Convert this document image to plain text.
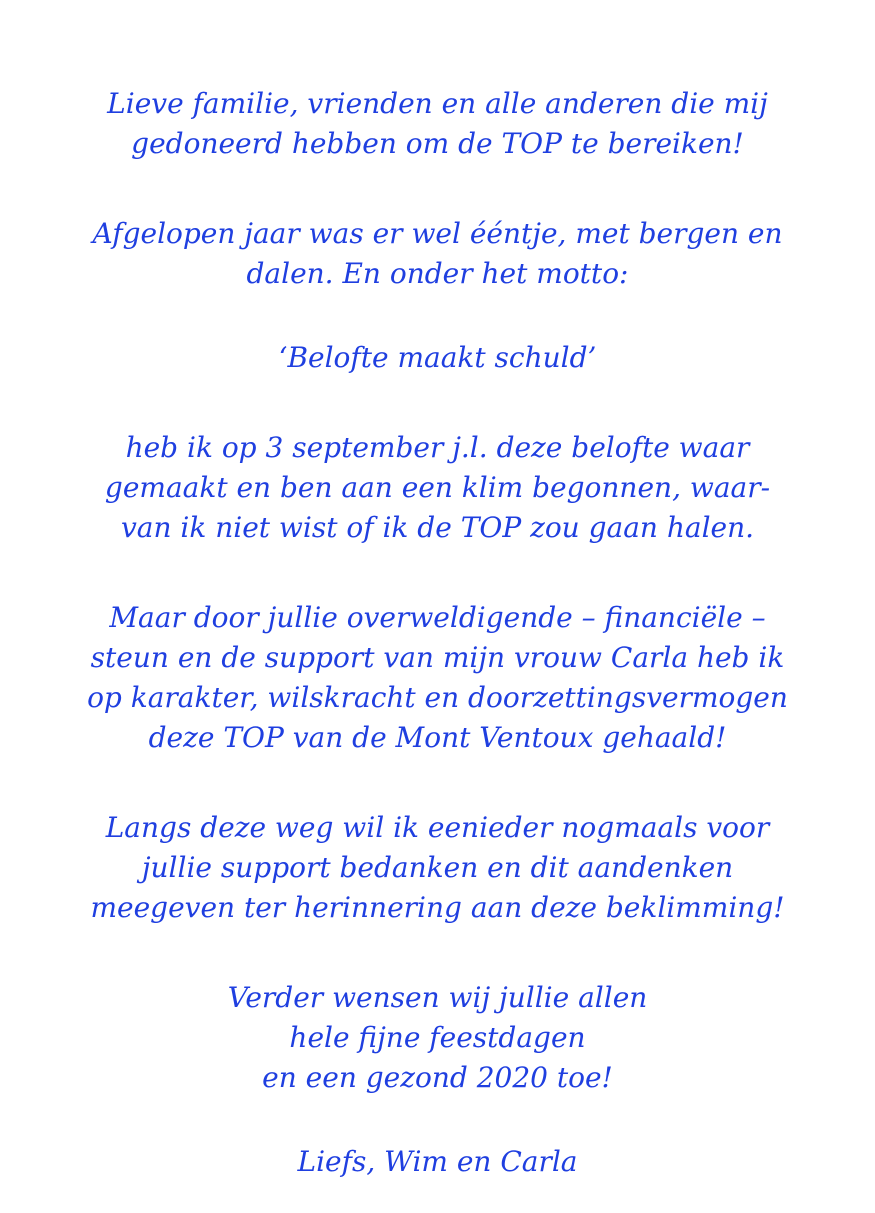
Lieve familie, vrienden en alle anderen die mij
gedoneerd hebben om de TOP te bereiken!

Afgelopen jaar was er wel ééntje, met bergen en
dalen. En onder het motto:

‘Belofte maakt schuld’

heb ik op 3 september j.l. deze belofte waar
gemaakt en ben aan een klim begonnen, waar-
van ik niet wist of ik de TOP zou gaan halen.

Maar door jullie overweldigende – financiële –
steun en de support van mijn vrouw Carla heb ik
op karakter, wilskracht en doorzettingsvermogen
deze TOP van de Mont Ventoux gehaald!

Langs deze weg wil ik eenieder nogmaals voor
jullie support bedanken en dit aandenken
meegeven ter herinnering aan deze beklimming!

Verder wensen wij jullie allen
hele fijne feestdagen
en een gezond 2020 toe!

Liefs, Wim en Carla
